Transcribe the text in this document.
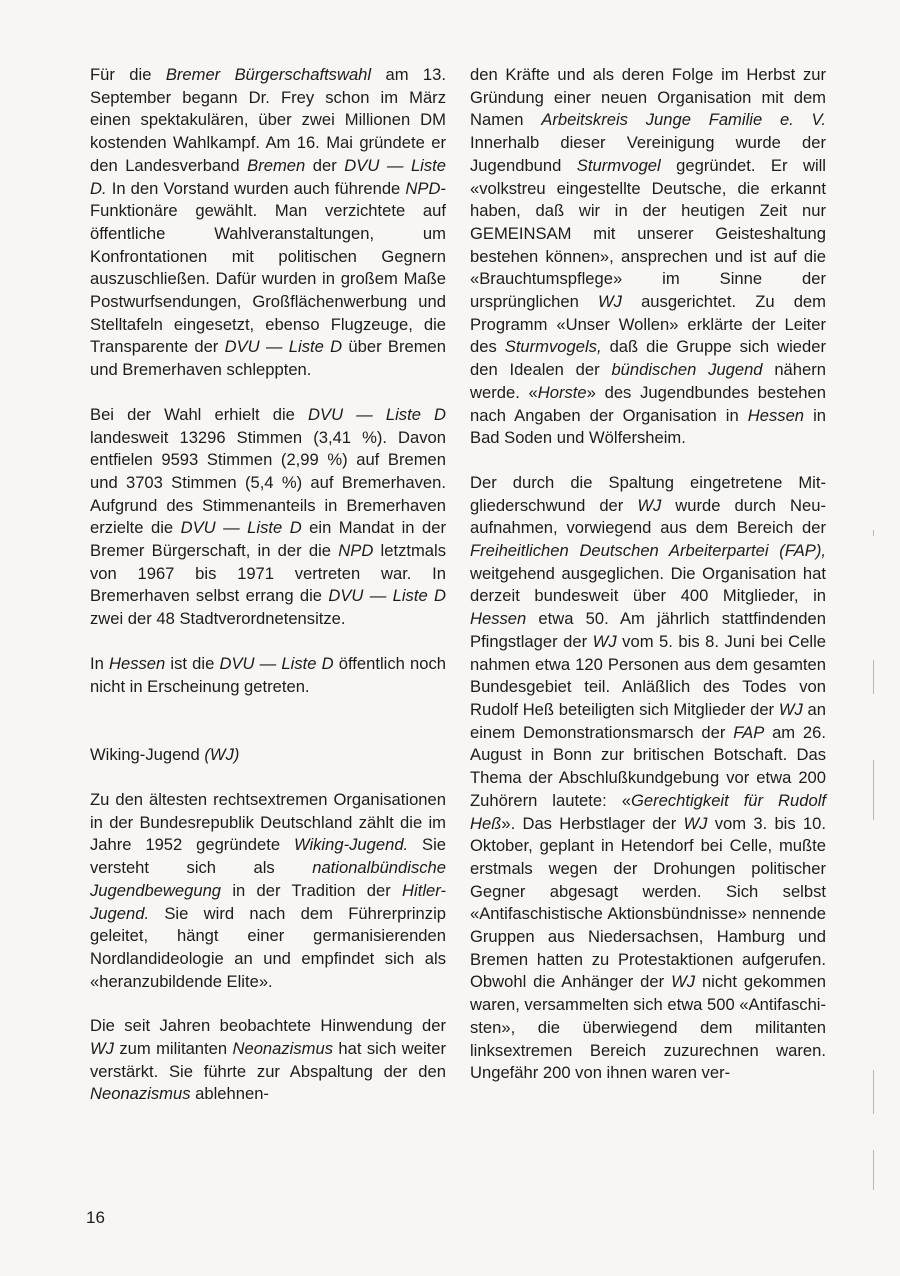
Für die Bremer Bürgerschaftswahl am 13. September begann Dr. Frey schon im März einen spektakulären, über zwei Millionen DM kostenden Wahlkampf. Am 16. Mai gründete er den Landesverband Bremen der DVU — Liste D. In den Vorstand wurden auch führende NPD-Funktionäre gewählt. Man verzichtete auf öffentliche Wahlveranstaltungen, um Konfrontationen mit politischen Gegnern auszuschließen. Dafür wurden in großem Maße Postwurfsendungen, Großflächenwerbung und Stelltafeln eingesetzt, ebenso Flugzeuge, die Transparente der DVU — Liste D über Bremen und Bremerhaven schleppten.

Bei der Wahl erhielt die DVU — Liste D landesweit 13296 Stimmen (3,41 %). Davon entfielen 9593 Stimmen (2,99 %) auf Bremen und 3703 Stimmen (5,4 %) auf Bremerhaven. Aufgrund des Stimmenanteils in Bremerhaven erzielte die DVU — Liste D ein Mandat in der Bremer Bürgerschaft, in der die NPD letztmals von 1967 bis 1971 vertreten war. In Bremerhaven selbst errang die DVU — Liste D zwei der 48 Stadtverordnetensitze.

In Hessen ist die DVU — Liste D öffentlich noch nicht in Erscheinung getreten.

Wiking-Jugend (WJ)

Zu den ältesten rechtsextremen Organisationen in der Bundesrepublik Deutschland zählt die im Jahre 1952 gegründete Wiking-Jugend. Sie versteht sich als nationalbündische Jugendbewegung in der Tradition der Hitler-Jugend. Sie wird nach dem Führerprinzip geleitet, hängt einer germanisierenden Nordlandideologie an und empfindet sich als «heranzubildende Elite».

Die seit Jahren beobachtete Hinwendung der WJ zum militanten Neonazismus hat sich weiter verstärkt. Sie führte zur Abspaltung der den Neonazismus ablehnen-

den Kräfte und als deren Folge im Herbst zur Gründung einer neuen Organisation mit dem Namen Arbeitskreis Junge Familie e. V. Innerhalb dieser Vereinigung wurde der Jugendbund Sturmvogel gegründet. Er will «volkstreu eingestellte Deutsche, die erkannt haben, daß wir in der heutigen Zeit nur GEMEINSAM mit unserer Geisteshaltung bestehen können», ansprechen und ist auf die «Brauchtumspflege» im Sinne der ursprünglichen WJ ausgerichtet. Zu dem Programm «Unser Wollen» erklärte der Leiter des Sturmvogels, daß die Gruppe sich wieder den Idealen der bündischen Jugend nähern werde. «Horste» des Jugendbundes bestehen nach Angaben der Organisation in Hessen in Bad Soden und Wölfersheim.

Der durch die Spaltung eingetretene Mitgliederschwund der WJ wurde durch Neuaufnahmen, vorwiegend aus dem Bereich der Freiheitlichen Deutschen Arbeiterpartei (FAP), weitgehend ausgeglichen. Die Organisation hat derzeit bundesweit über 400 Mitglieder, in Hessen etwa 50. Am jährlich stattfindenden Pfingstlager der WJ vom 5. bis 8. Juni bei Celle nahmen etwa 120 Personen aus dem gesamten Bundesgebiet teil. Anläßlich des Todes von Rudolf Heß beteiligten sich Mitglieder der WJ an einem Demonstrationsmarsch der FAP am 26. August in Bonn zur britischen Botschaft. Das Thema der Abschlußkundgebung vor etwa 200 Zuhörern lautete: «Gerechtigkeit für Rudolf Heß». Das Herbstlager der WJ vom 3. bis 10. Oktober, geplant in Hetendorf bei Celle, mußte erstmals wegen der Drohungen politischer Gegner abgesagt werden. Sich selbst «Antifaschistische Aktionsbündnisse» nennende Gruppen aus Niedersachsen, Hamburg und Bremen hatten zu Protestaktionen aufgerufen. Obwohl die Anhänger der WJ nicht gekommen waren, versammelten sich etwa 500 «Antifaschisten», die überwiegend dem militanten linksextremen Bereich zuzurechnen waren. Ungefähr 200 von ihnen waren ver-

16
